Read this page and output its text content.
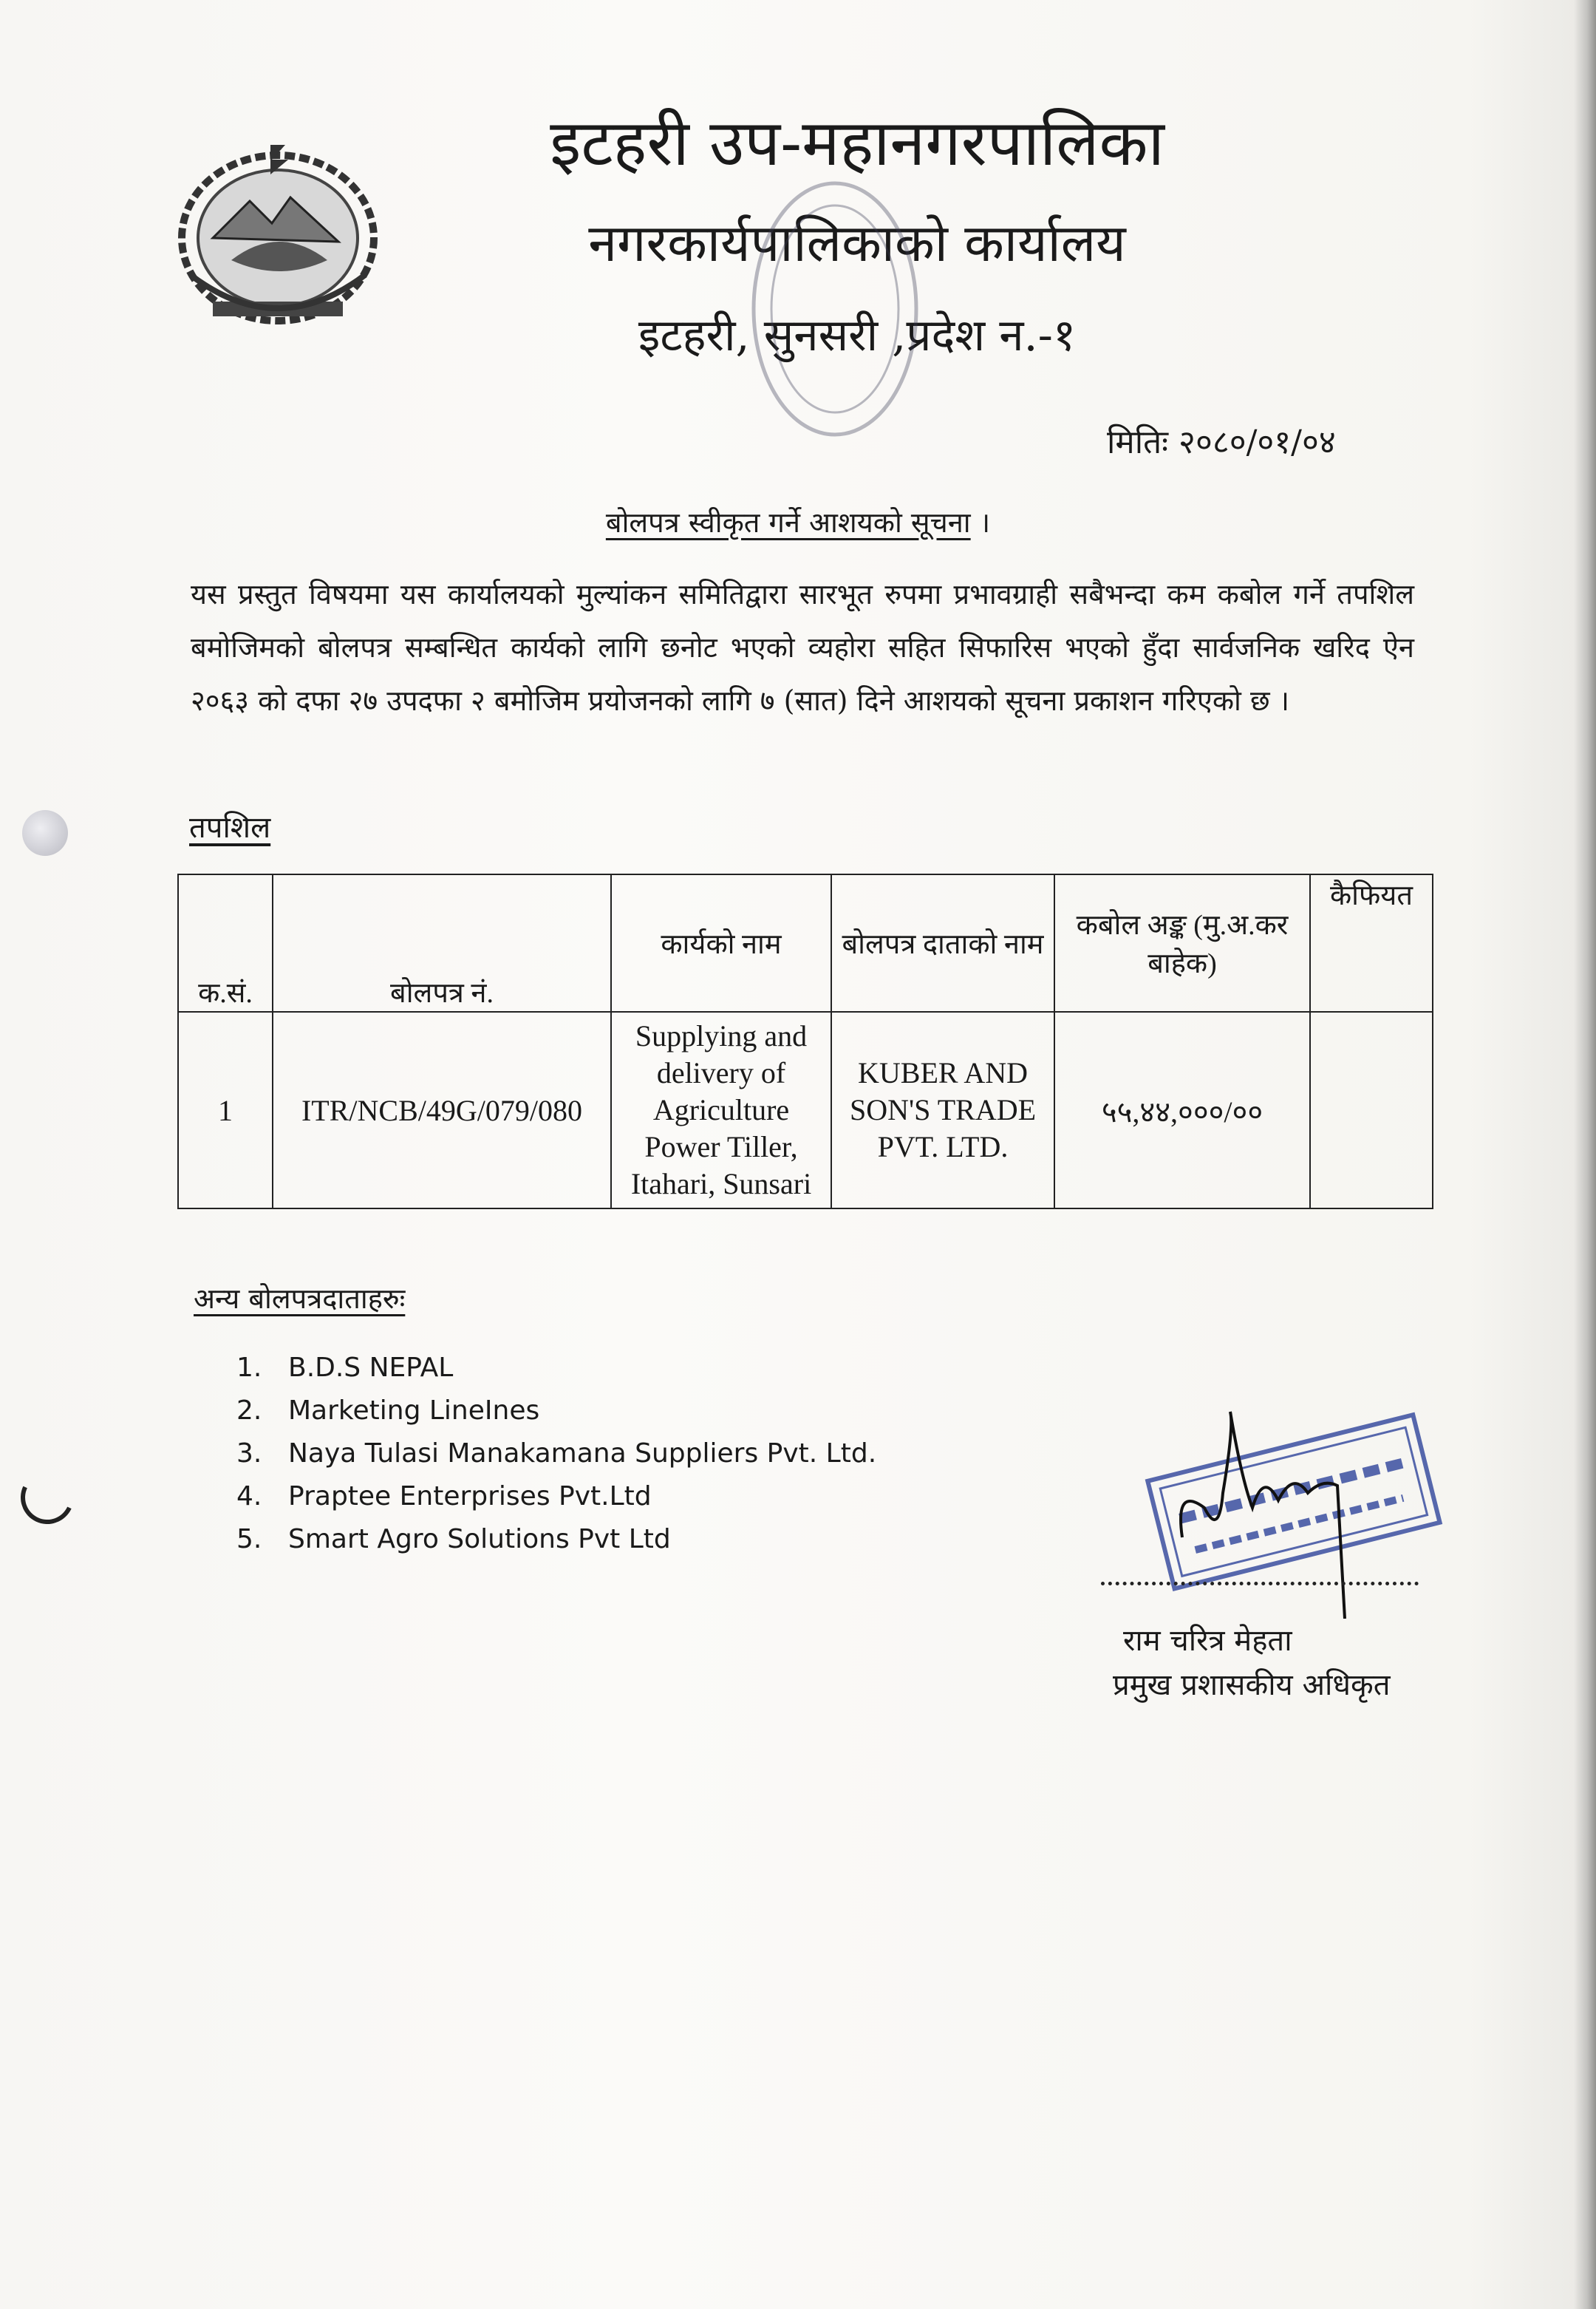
इटहरी उप-महानगरपालिका
नगरकार्यपालिकाको कार्यालय
इटहरी, सुनसरी ,प्रदेश न.-१
मितिः २०८०/०१/०४
बोलपत्र स्वीकृत गर्ने आशयको सूचना ।
यस प्रस्तुत विषयमा यस कार्यालयको मुल्यांकन समितिद्वारा सारभूत रुपमा प्रभावग्राही सबैभन्दा कम कबोल गर्ने तपशिल बमोजिमको बोलपत्र सम्बन्धित कार्यको लागि छनोट भएको व्यहोरा सहित सिफारिस भएको हुँदा सार्वजनिक खरिद ऐन २०६३ को दफा २७ उपदफा २ बमोजिम प्रयोजनको लागि ७ (सात) दिने आशयको सूचना प्रकाशन गरिएको छ ।
तपशिल
क.सं.	बोलपत्र नं.	कार्यको नाम	बोलपत्र दाताको नाम	कबोल अङ्क (मु.अ.कर बाहेक)	कैफियत
1	ITR/NCB/49G/079/080	Supplying and delivery of Agriculture Power Tiller, Itahari, Sunsari	KUBER AND SON'S TRADE PVT. LTD.	५५,४४,०००/००	
अन्य बोलपत्रदाताहरुः
1. B.D.S NEPAL
2. Marketing LineInes
3. Naya Tulasi Manakamana Suppliers Pvt. Ltd.
4. Praptee Enterprises Pvt.Ltd
5. Smart Agro Solutions Pvt Ltd
राम चरित्र मेहता
प्रमुख प्रशासकीय अधिकृत
